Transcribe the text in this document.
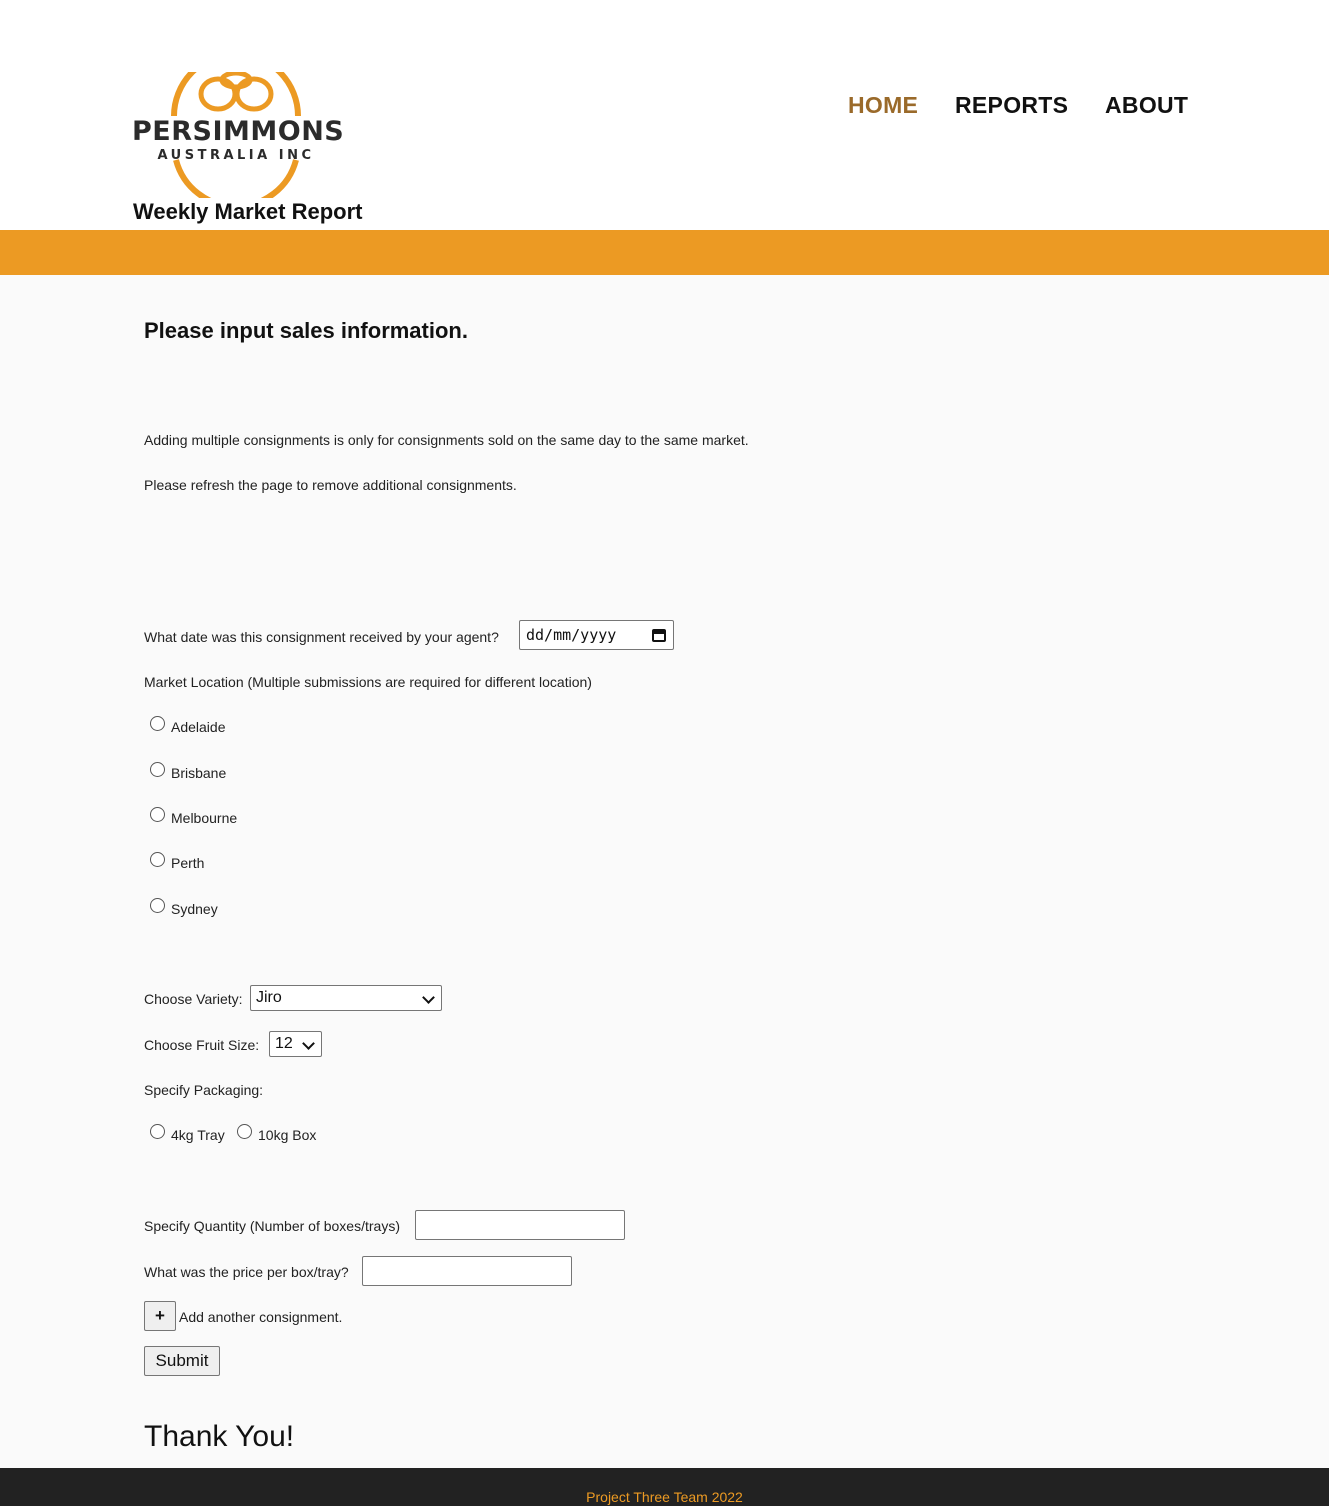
PERSIMMONS
AUSTRALIA INC
Weekly Market Report
HOME REPORTS ABOUT
Please input sales information.
Adding multiple consignments is only for consignments sold on the same day to the same market.
Please refresh the page to remove additional consignments.
What date was this consignment received by your agent?	dd/mm/yyyy
Market Location (Multiple submissions are required for different location)
Adelaide
Brisbane
Melbourne
Perth
Sydney
Choose Variety: Jiro
Choose Fruit Size: 12
Specify Packaging:
4kg Tray 10kg Box
Specify Quantity (Number of boxes/trays)
What was the price per box/tray?
+	Add another consignment.
Submit
Thank You!
Project Three Team 2022
